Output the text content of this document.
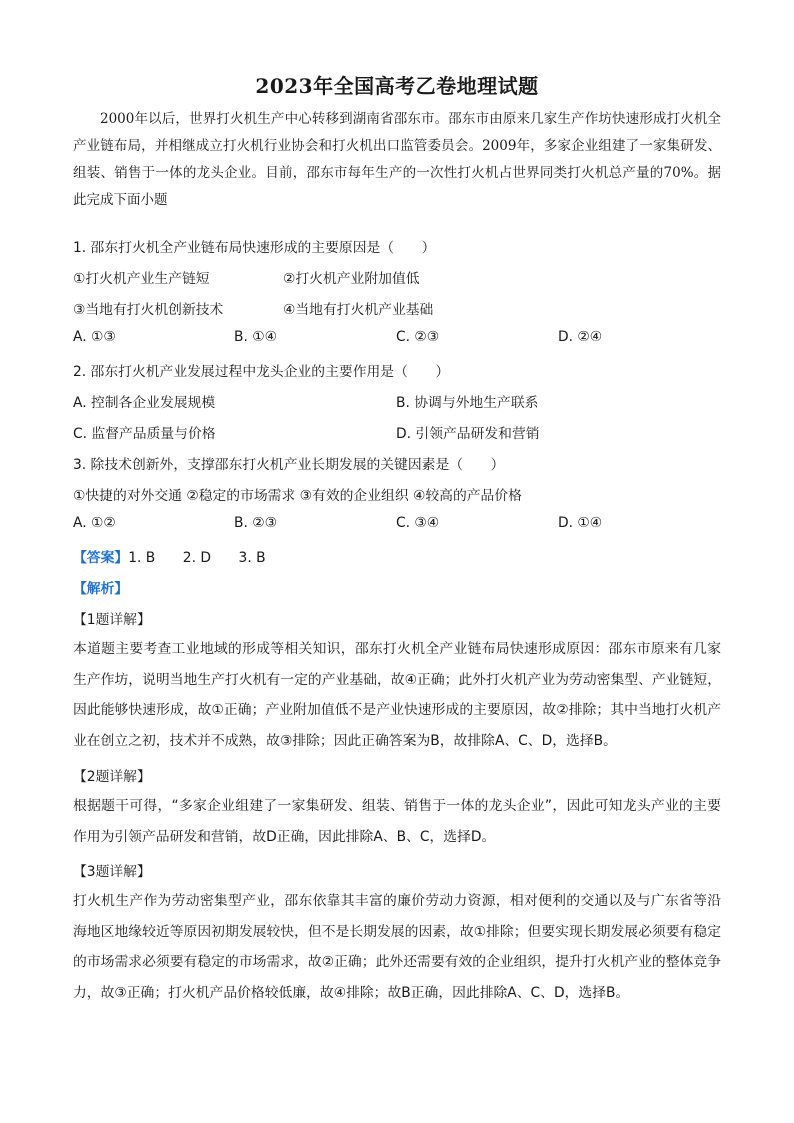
2023年全国高考乙卷地理试题
2000年以后，世界打火机生产中心转移到湖南省邵东市。邵东市由原来几家生产作坊快速形成打火机全产业链布局，并相继成立打火机行业协会和打火机出口监管委员会。2009年，多家企业组建了一家集研发、组装、销售于一体的龙头企业。目前，邵东市每年生产的一次性打火机占世界同类打火机总产量的70%。据此完成下面小题
1. 邵东打火机全产业链布局快速形成的主要原因是（　　）
①打火机产业生产链短	②打火机产业附加值低
③当地有打火机创新技术	④当地有打火机产业基础
A. ①③	B. ①④	C. ②③	D. ②④
2. 邵东打火机产业发展过程中龙头企业的主要作用是（　　）
A. 控制各企业发展规模	B. 协调与外地生产联系
C. 监督产品质量与价格	D. 引领产品研发和营销
3. 除技术创新外，支撑邵东打火机产业长期发展的关键因素是（　　）
①快捷的对外交通 ②稳定的市场需求 ③有效的企业组织 ④较高的产品价格
A. ①②	B. ②③	C. ③④	D. ①④
【答案】1. B　　2. D　　3. B
【解析】
【1题详解】
本道题主要考查工业地域的形成等相关知识，邵东打火机全产业链布局快速形成原因：邵东市原来有几家生产作坊，说明当地生产打火机有一定的产业基础，故④正确；此外打火机产业为劳动密集型、产业链短，因此能够快速形成，故①正确；产业附加值低不是产业快速形成的主要原因，故②排除；其中当地打火机产业在创立之初，技术并不成熟，故③排除；因此正确答案为B，故排除A、C、D，选择B。
【2题详解】
根据题干可得，“多家企业组建了一家集研发、组装、销售于一体的龙头企业”，因此可知龙头产业的主要作用为引领产品研发和营销，故D正确，因此排除A、B、C，选择D。
【3题详解】
打火机生产作为劳动密集型产业，邵东依靠其丰富的廉价劳动力资源，相对便利的交通以及与广东省等沿海地区地缘较近等原因初期发展较快，但不是长期发展的因素，故①排除；但要实现长期发展必须要有稳定的市场需求必须要有稳定的市场需求，故②正确；此外还需要有效的企业组织，提升打火机产业的整体竞争力，故③正确；打火机产品价格较低廉，故④排除；故B正确，因此排除A、C、D，选择B。
